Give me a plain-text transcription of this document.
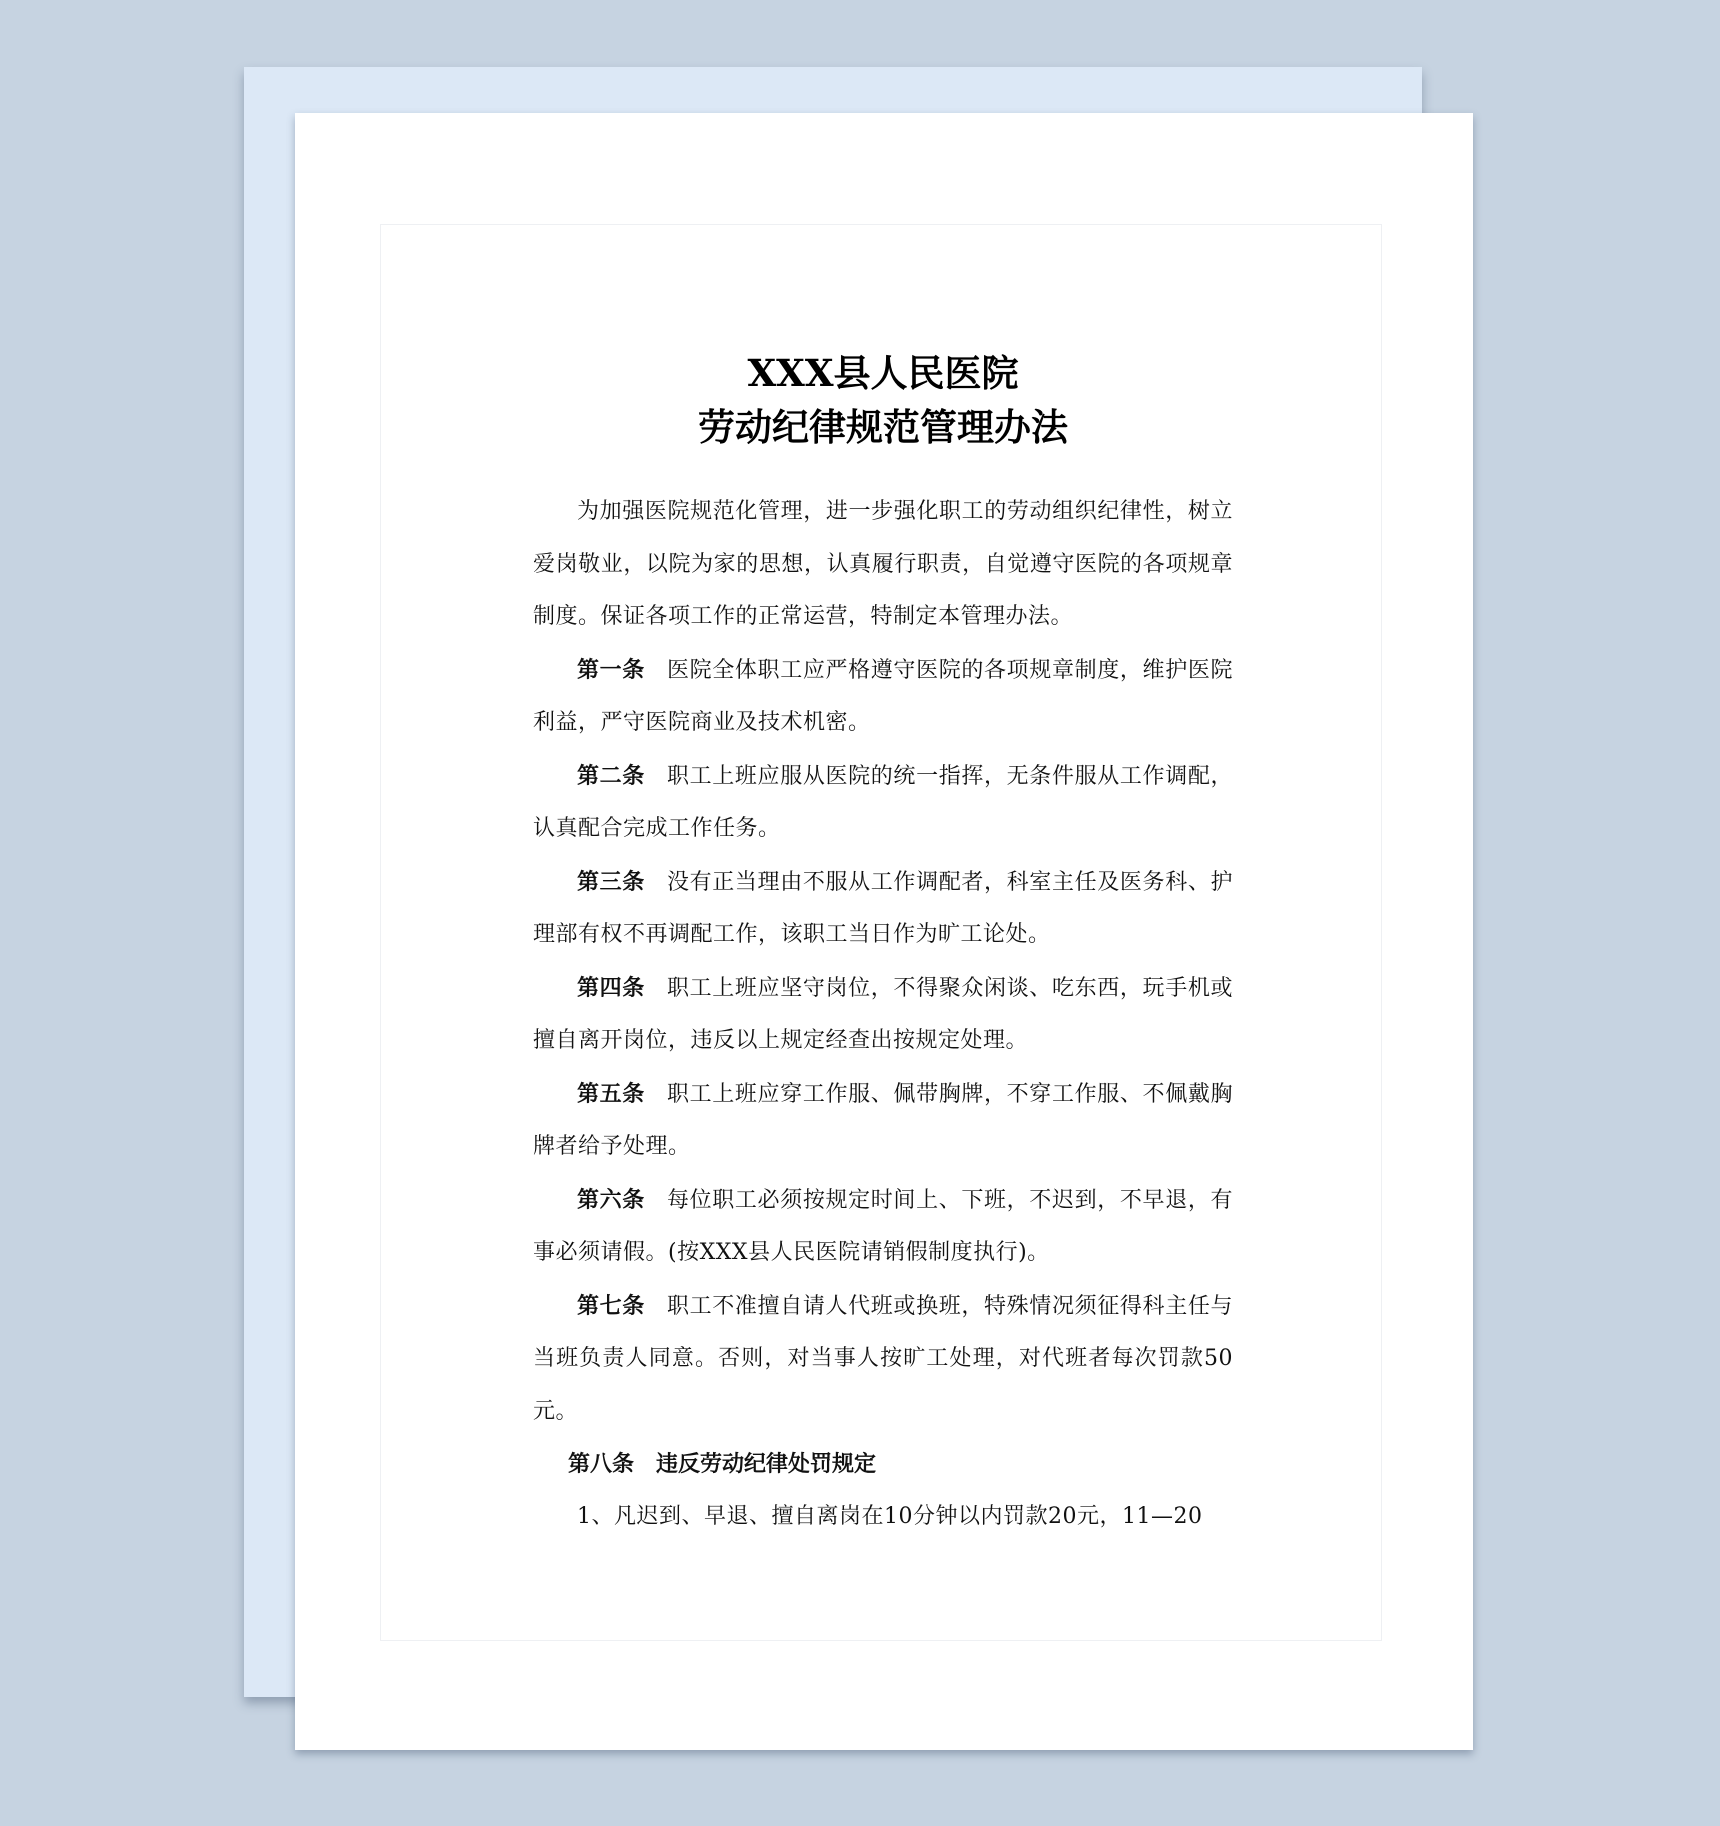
XXX县人民医院
劳动纪律规范管理办法

为加强医院规范化管理，进一步强化职工的劳动组织纪律性，树立爱岗敬业，以院为家的思想，认真履行职责，自觉遵守医院的各项规章制度。保证各项工作的正常运营，特制定本管理办法。

第一条 医院全体职工应严格遵守医院的各项规章制度，维护医院利益，严守医院商业及技术机密。

第二条 职工上班应服从医院的统一指挥，无条件服从工作调配，认真配合完成工作任务。

第三条 没有正当理由不服从工作调配者，科室主任及医务科、护理部有权不再调配工作，该职工当日作为旷工论处。

第四条 职工上班应坚守岗位，不得聚众闲谈、吃东西，玩手机或擅自离开岗位，违反以上规定经查出按规定处理。

第五条 职工上班应穿工作服、佩带胸牌，不穿工作服、不佩戴胸牌者给予处理。

第六条 每位职工必须按规定时间上、下班，不迟到，不早退，有事必须请假。(按XXX县人民医院请销假制度执行)。

第七条 职工不准擅自请人代班或换班，特殊情况须征得科主任与当班负责人同意。否则，对当事人按旷工处理，对代班者每次罚款50元。

第八条 违反劳动纪律处罚规定

1、凡迟到、早退、擅自离岗在10分钟以内罚款20元，11—20
